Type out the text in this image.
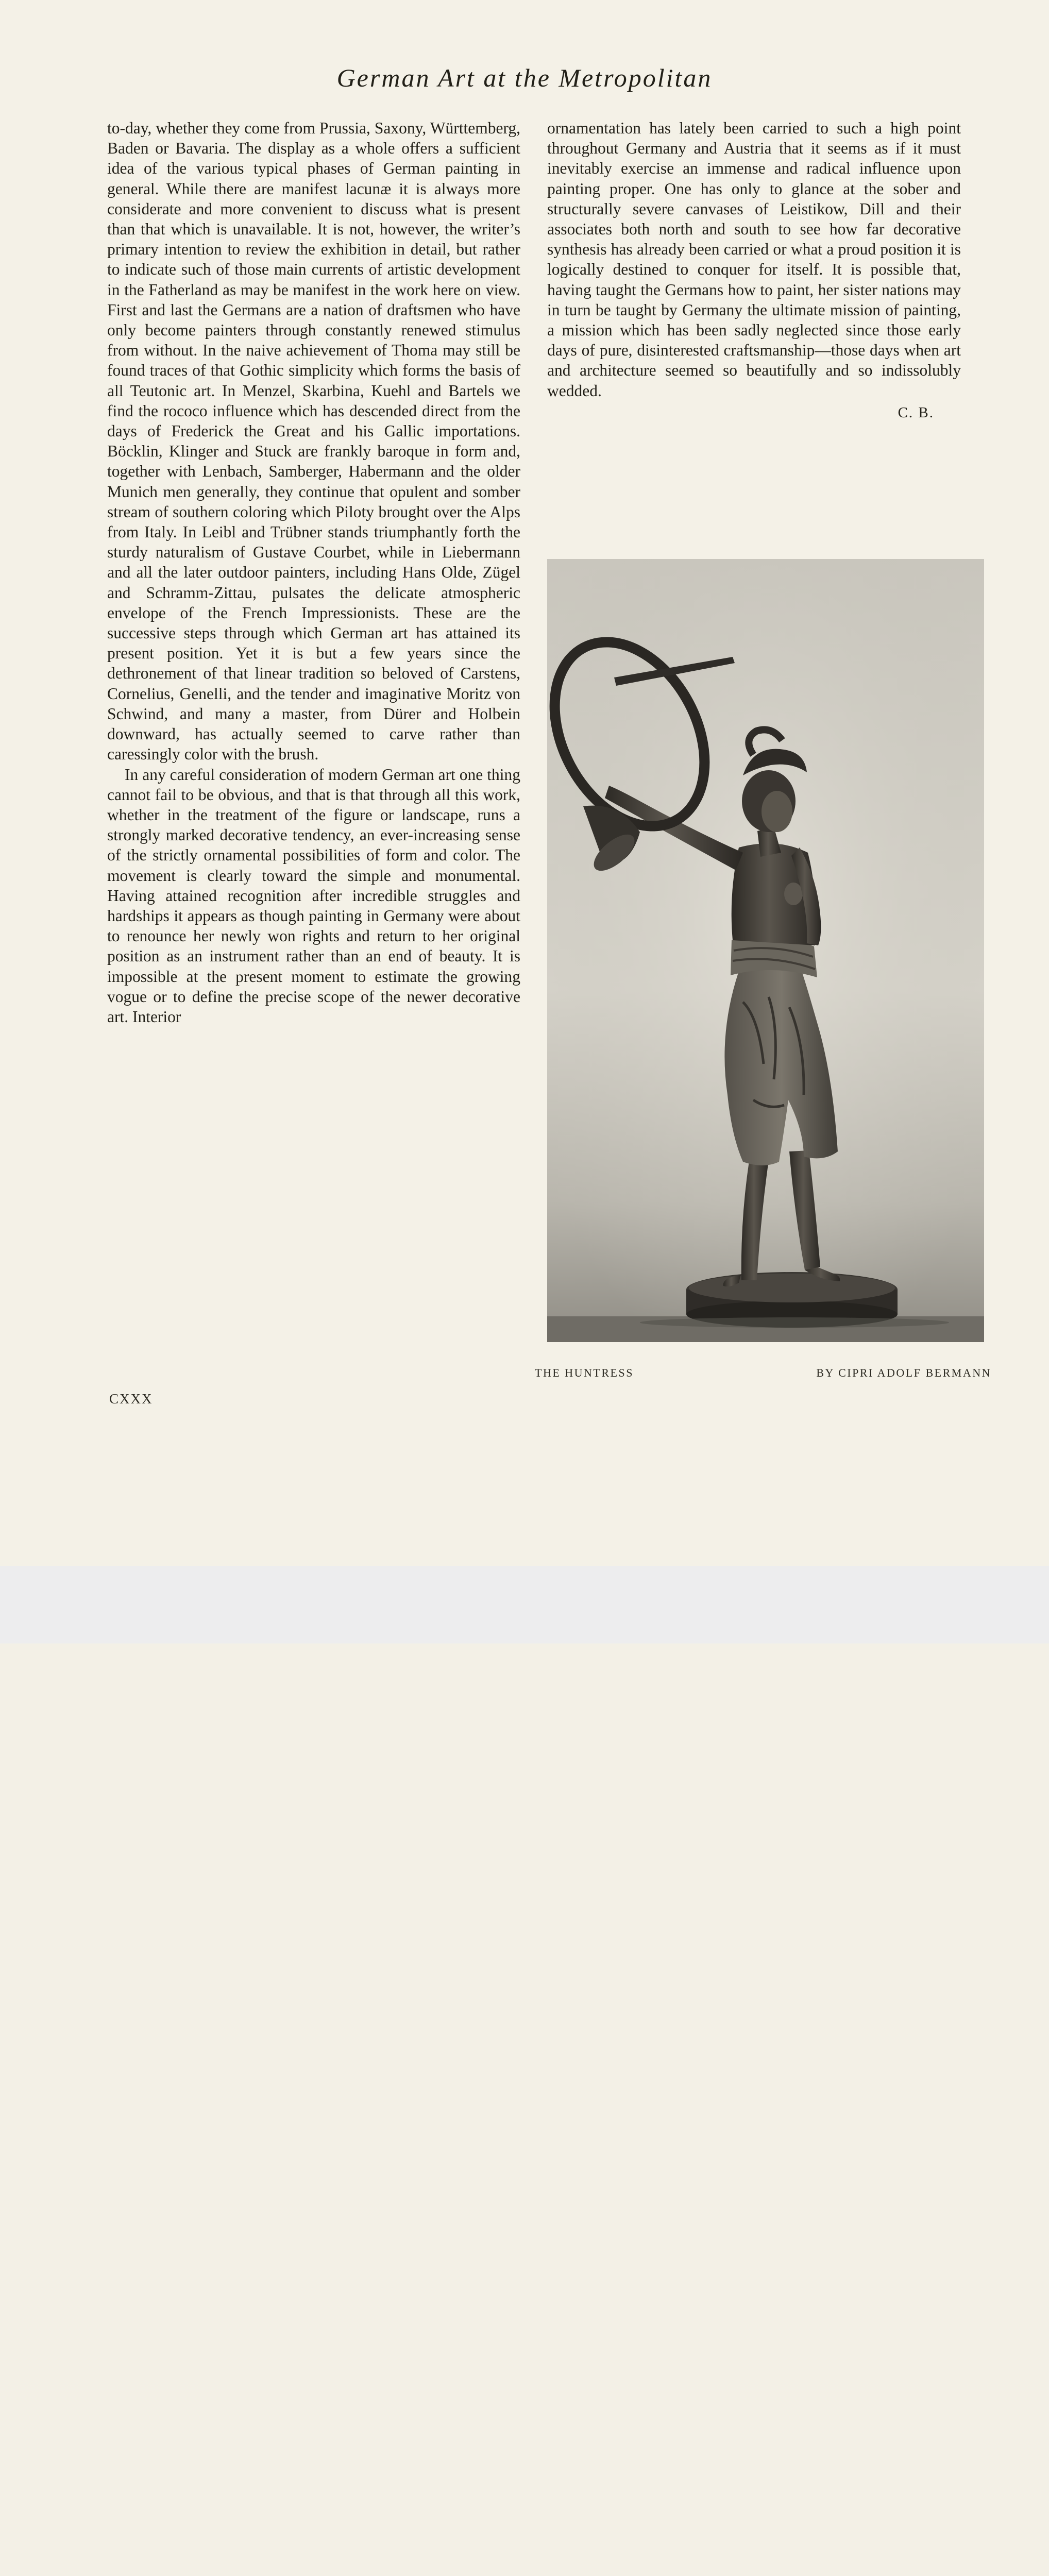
German Art at the Metropolitan

to-day, whether they come from Prussia, Saxony, Württemberg, Baden or Bavaria. The display as a whole offers a sufficient idea of the various typical phases of German painting in general. While there are manifest lacunæ it is always more considerate and more convenient to discuss what is present than that which is unavailable. It is not, however, the writer’s primary intention to review the exhibition in detail, but rather to indicate such of those main currents of artistic development in the Fatherland as may be manifest in the work here on view. First and last the Germans are a nation of draftsmen who have only become painters through constantly renewed stimulus from without. In the naive achievement of Thoma may still be found traces of that Gothic simplicity which forms the basis of all Teutonic art. In Menzel, Skarbina, Kuehl and Bartels we find the rococo influence which has descended direct from the days of Frederick the Great and his Gallic importations. Böcklin, Klinger and Stuck are frankly baroque in form and, together with Lenbach, Samberger, Habermann and the older Munich men generally, they continue that opulent and somber stream of southern coloring which Piloty brought over the Alps from Italy. In Leibl and Trübner stands triumphantly forth the sturdy naturalism of Gustave Courbet, while in Liebermann and all the later outdoor painters, including Hans Olde, Zügel and Schramm-Zittau, pulsates the delicate atmospheric envelope of the French Impressionists. These are the successive steps through which German art has attained its present position. Yet it is but a few years since the dethronement of that linear tradition so beloved of Carstens, Cornelius, Genelli, and the tender and imaginative Moritz von Schwind, and many a master, from Dürer and Holbein downward, has actually seemed to carve rather than caressingly color with the brush.

In any careful consideration of modern German art one thing cannot fail to be obvious, and that is that through all this work, whether in the treatment of the figure or landscape, runs a strongly marked decorative tendency, an ever-increasing sense of the strictly ornamental possibilities of form and color. The movement is clearly toward the simple and monumental. Having attained recognition after incredible struggles and hardships it appears as though painting in Germany were about to renounce her newly won rights and return to her original position as an instrument rather than an end of beauty. It is impossible at the present moment to estimate the growing vogue or to define the precise scope of the newer decorative art. Interior

ornamentation has lately been carried to such a high point throughout Germany and Austria that it seems as if it must inevitably exercise an immense and radical influence upon painting proper. One has only to glance at the sober and structurally severe canvases of Leistikow, Dill and their associates both north and south to see how far decorative synthesis has already been carried or what a proud position it is logically destined to conquer for itself. It is possible that, having taught the Germans how to paint, her sister nations may in turn be taught by Germany the ultimate mission of painting, a mission which has been sadly neglected since those early days of pure, disinterested craftsmanship—those days when art and architecture seemed so beautifully and so indissolubly wedded.

C. B.
THE HUNTRESS	BY CIPRI ADOLF BERMANN
CXXX
